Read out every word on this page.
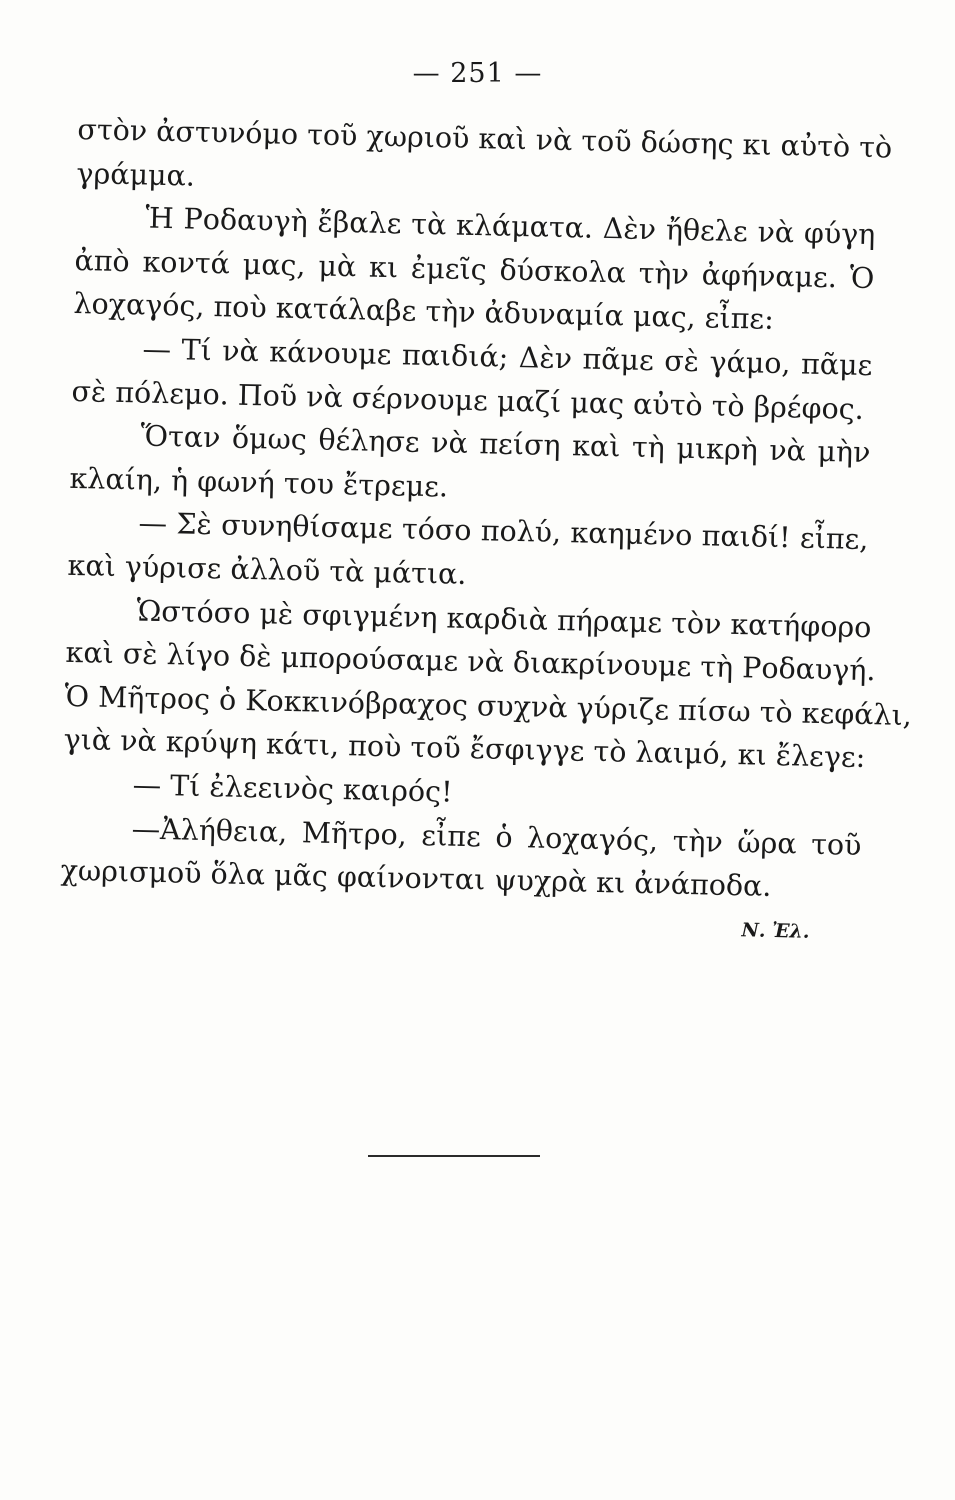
— 251 —
στὸν ἀστυνόμο τοῦ χωριοῦ καὶ νὰ τοῦ δώσης κι αὐτὸ τὸ
γράμμα.
Ἡ Ροδαυγὴ ἔβαλε τὰ κλάματα. Δὲν ἤθελε νὰ φύγη
ἀπὸ κοντά μας, μὰ κι ἐμεῖς δύσκολα τὴν ἀφήναμε. Ὁ
λοχαγός, ποὺ κατάλαβε τὴν ἀδυναμία μας, εἶπε:
— Τί νὰ κάνουμε παιδιά; Δὲν πᾶμε σὲ γάμο, πᾶμε
σὲ πόλεμο. Ποῦ νὰ σέρνουμε μαζί μας αὐτὸ τὸ βρέφος.
Ὅταν ὅμως θέλησε νὰ πείση καὶ τὴ μικρὴ νὰ μὴν
κλαίη, ἡ φωνή του ἔτρεμε.
— Σὲ συνηθίσαμε τόσο πολύ, καημένο παιδί! εἶπε,
καὶ γύρισε ἀλλοῦ τὰ μάτια.
Ὡστόσο μὲ σφιγμένη καρδιὰ πήραμε τὸν κατήφορο
καὶ σὲ λίγο δὲ μπορούσαμε νὰ διακρίνουμε τὴ Ροδαυγή.
Ὁ Μῆτρος ὁ Κοκκινόβραχος συχνὰ γύριζε πίσω τὸ κεφάλι,
γιὰ νὰ κρύψη κάτι, ποὺ τοῦ ἔσφιγγε τὸ λαιμό, κι ἔλεγε:
— Τί ἐλεεινὸς καιρός!
—Ἀλήθεια, Μῆτρο, εἶπε ὁ λοχαγός, τὴν ὥρα τοῦ
χωρισμοῦ ὅλα μᾶς φαίνονται ψυχρὰ κι ἀνάποδα.
Ν. Ἐλ.
